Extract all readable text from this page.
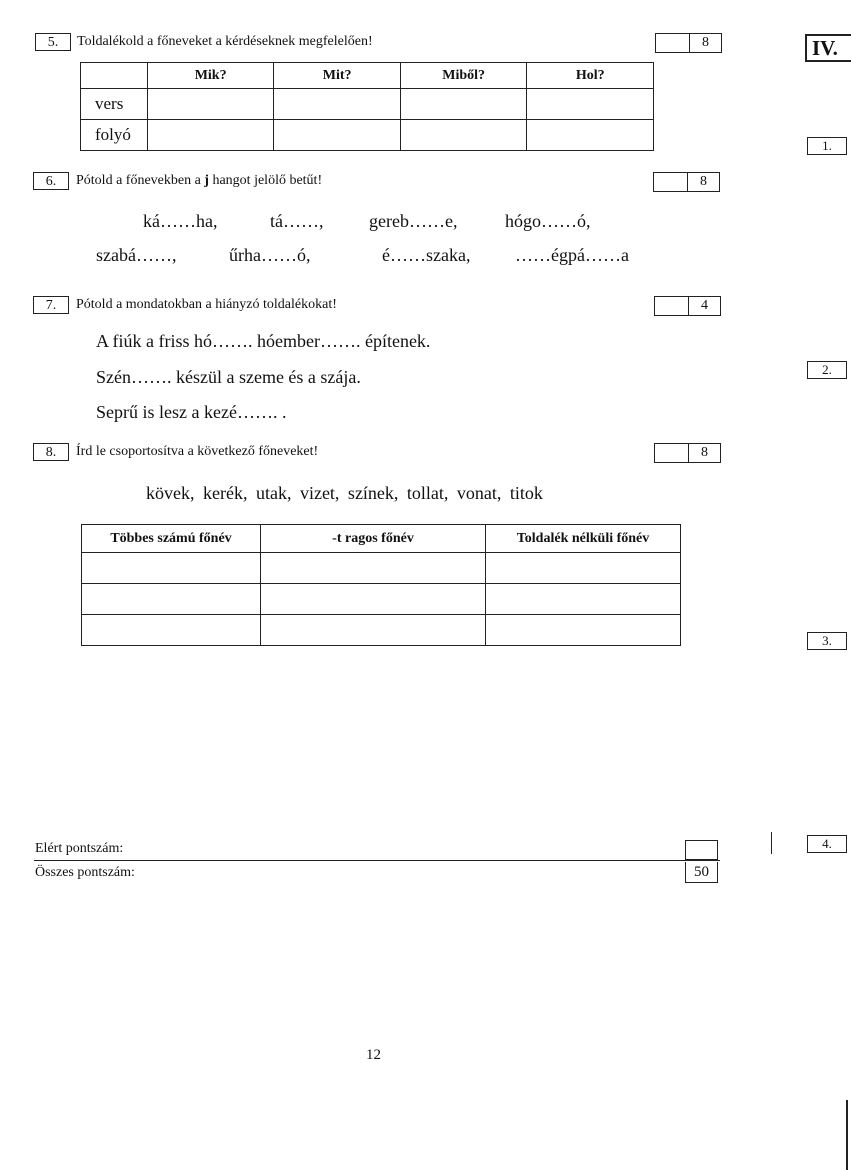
5.	Toldalékold a főneveket a kérdéseknek megfelelően!	8
	Mik?	Mit?	Miből?	Hol?
vers				
folyó				
6.	Pótold a főnevekben a j hangot jelölő betűt!	8
ká……ha,	tá……,	gereb……e,	hógo……ó,
szabá……,	űrha……ó,	é……szaka, ……égpá……a
7.	Pótold a mondatokban a hiányzó toldalékokat!	4
A fiúk a friss hó……. hóember……. építenek.
Szén……. készül a szeme és a szája.
Seprű is lesz a kezé……. .
8.	Írd le csoportosítva a következő főneveket!	8
kövek, kerék, utak, vizet, színek, tollat, vonat, titok
Többes számú főnév	-t ragos főnév	Toldalék nélküli főnév

Elért pontszám:
Összes pontszám:	50
12
IV.
1.
2.
3.
4.
